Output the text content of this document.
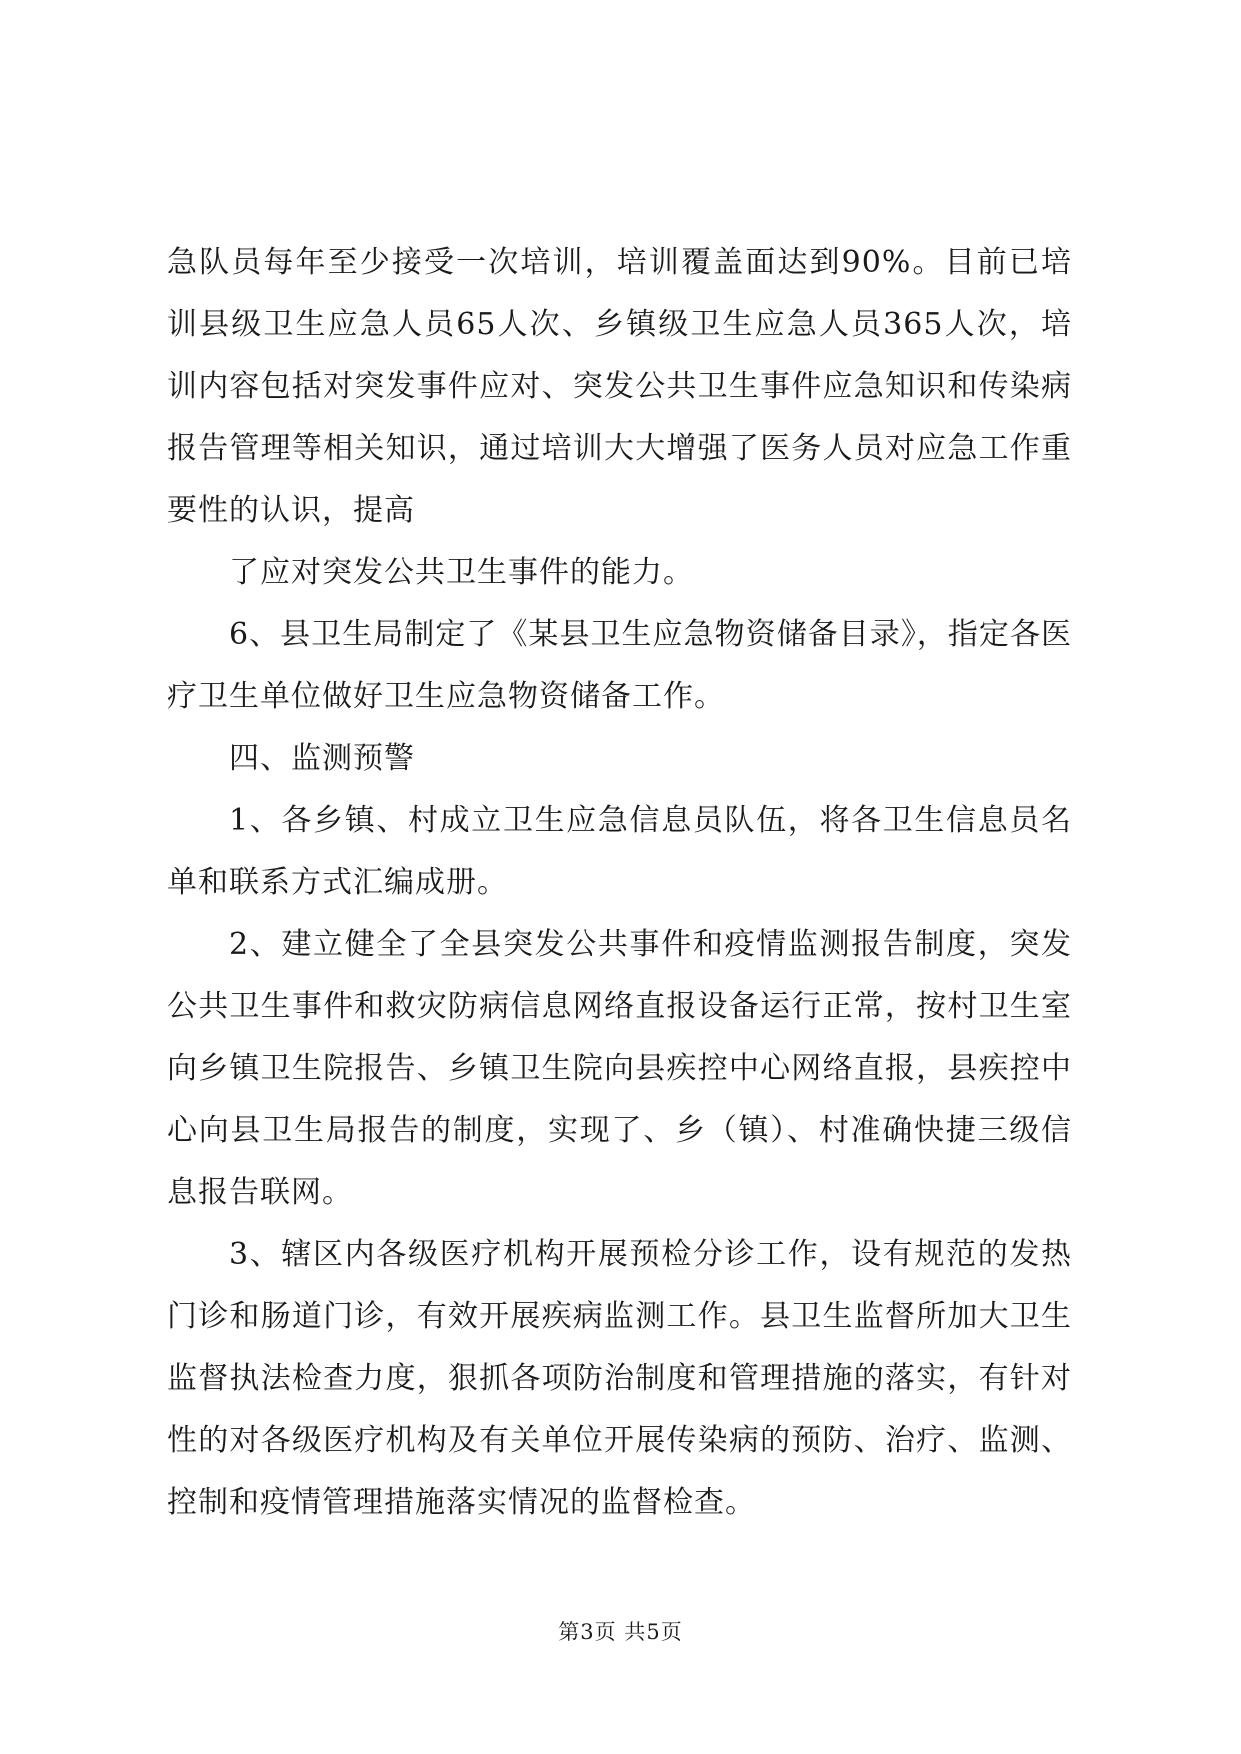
急队员每年至少接受一次培训，培训覆盖面达到90%。目前已培训县级卫生应急人员65人次、乡镇级卫生应急人员365人次，培训内容包括对突发事件应对、突发公共卫生事件应急知识和传染病报告管理等相关知识，通过培训大大增强了医务人员对应急工作重要性的认识，提高

了应对突发公共卫生事件的能力。

6、县卫生局制定了《某县卫生应急物资储备目录》，指定各医疗卫生单位做好卫生应急物资储备工作。

四、监测预警

1、各乡镇、村成立卫生应急信息员队伍，将各卫生信息员名单和联系方式汇编成册。

2、建立健全了全县突发公共事件和疫情监测报告制度，突发公共卫生事件和救灾防病信息网络直报设备运行正常，按村卫生室向乡镇卫生院报告、乡镇卫生院向县疾控中心网络直报，县疾控中心向县卫生局报告的制度，实现了、乡（镇）、村准确快捷三级信息报告联网。

3、辖区内各级医疗机构开展预检分诊工作，设有规范的发热门诊和肠道门诊，有效开展疾病监测工作。县卫生监督所加大卫生监督执法检查力度，狠抓各项防治制度和管理措施的落实，有针对性的对各级医疗机构及有关单位开展传染病的预防、治疗、监测、控制和疫情管理措施落实情况的监督检查。

第3页 共5页
